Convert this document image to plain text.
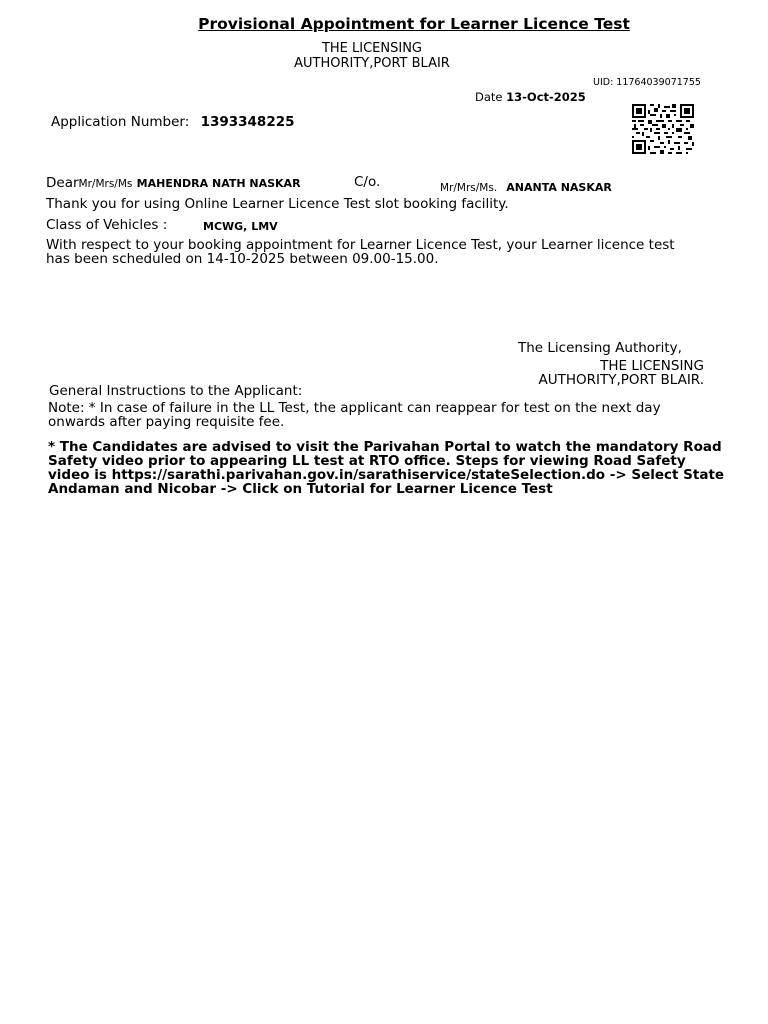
Provisional Appointment for Learner Licence Test
THE LICENSING
AUTHORITY,PORT BLAIR
UID: 11764039071755
Date 13-Oct-2025
Application Number: 1393348225
DearMr/Mrs/Ms MAHENDRA NATH NASKAR	C/o.	Mr/Mrs/Ms. ANANTA NASKAR
Thank you for using Online Learner Licence Test slot booking facility.
Class of Vehicles :	MCWG, LMV
With respect to your booking appointment for Learner Licence Test, your Learner licence test has been scheduled on 14-10-2025 between 09.00-15.00.
The Licensing Authority,
THE LICENSING AUTHORITY,PORT BLAIR.
General Instructions to the Applicant:
Note: * In case of failure in the LL Test, the applicant can reappear for test on the next day onwards after paying requisite fee.
* The Candidates are advised to visit the Parivahan Portal to watch the mandatory Road Safety video prior to appearing LL test at RTO office. Steps for viewing Road Safety video is https://sarathi.parivahan.gov.in/sarathiservice/stateSelection.do -> Select State Andaman and Nicobar -> Click on Tutorial for Learner Licence Test
